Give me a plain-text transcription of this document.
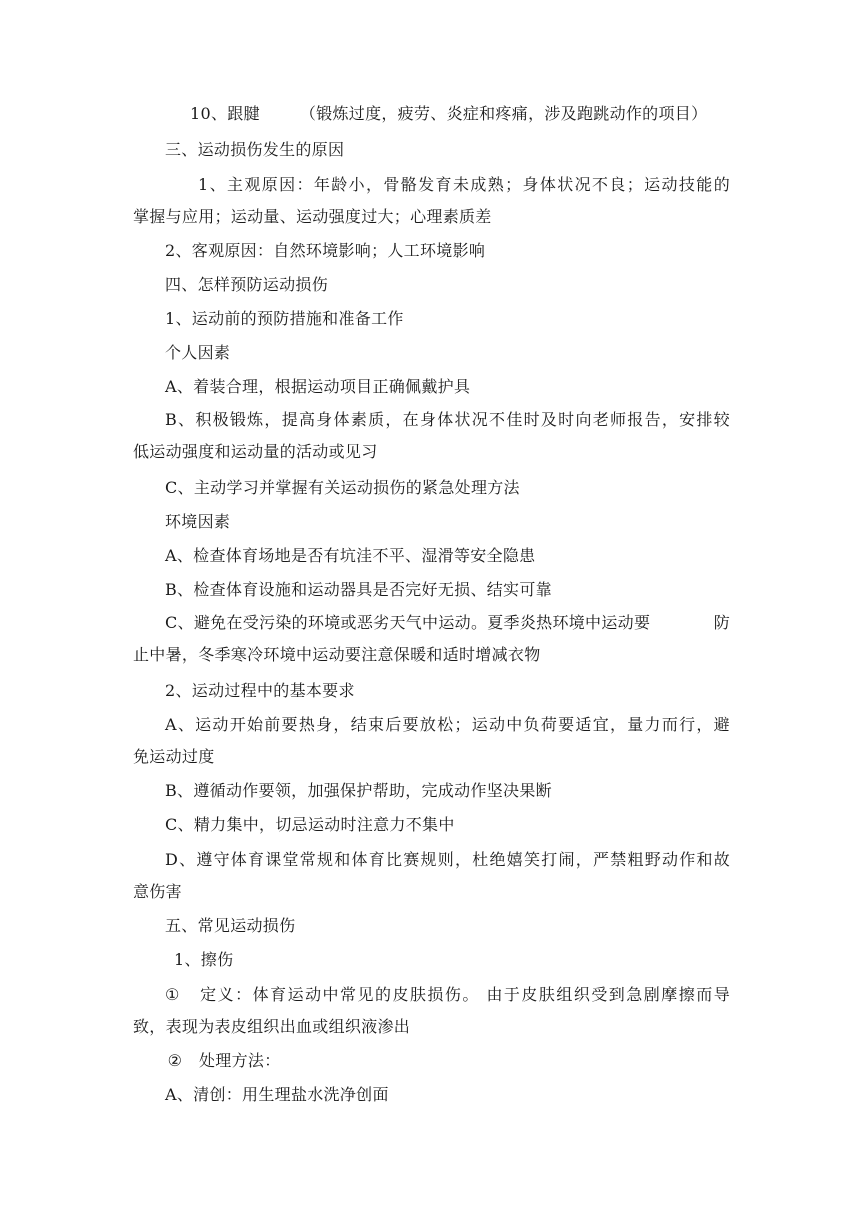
10、跟腱	（锻炼过度，疲劳、炎症和疼痛，涉及跑跳动作的项目）
三、运动损伤发生的原因
1、主观原因：年龄小，骨骼发育未成熟；身体状况不良；运动技能的
掌握与应用；运动量、运动强度过大；心理素质差
2、客观原因：自然环境影响；人工环境影响
四、怎样预防运动损伤
1、运动前的预防措施和准备工作
个人因素
A、着装合理，根据运动项目正确佩戴护具
B、积极锻炼，提高身体素质，在身体状况不佳时及时向老师报告，安排较
低运动强度和运动量的活动或见习
C、主动学习并掌握有关运动损伤的紧急处理方法
环境因素
A、检查体育场地是否有坑洼不平、湿滑等安全隐患
B、检查体育设施和运动器具是否完好无损、结实可靠
C、避免在受污染的环境或恶劣天气中运动。夏季炎热环境中运动要	防
止中暑，冬季寒冷环境中运动要注意保暖和适时增减衣物
2、运动过程中的基本要求
A、运动开始前要热身，结束后要放松；运动中负荷要适宜，量力而行，避
免运动过度
B、遵循动作要领，加强保护帮助，完成动作坚决果断
C、精力集中，切忌运动时注意力不集中
D、遵守体育课堂常规和体育比赛规则，杜绝嬉笑打闹，严禁粗野动作和故
意伤害
五、常见运动损伤
1、擦伤
① 定义：体育运动中常见的皮肤损伤。 由于皮肤组织受到急剧摩擦而导
致，表现为表皮组织出血或组织液渗出
② 处理方法：
A、清创：用生理盐水洗净创面
